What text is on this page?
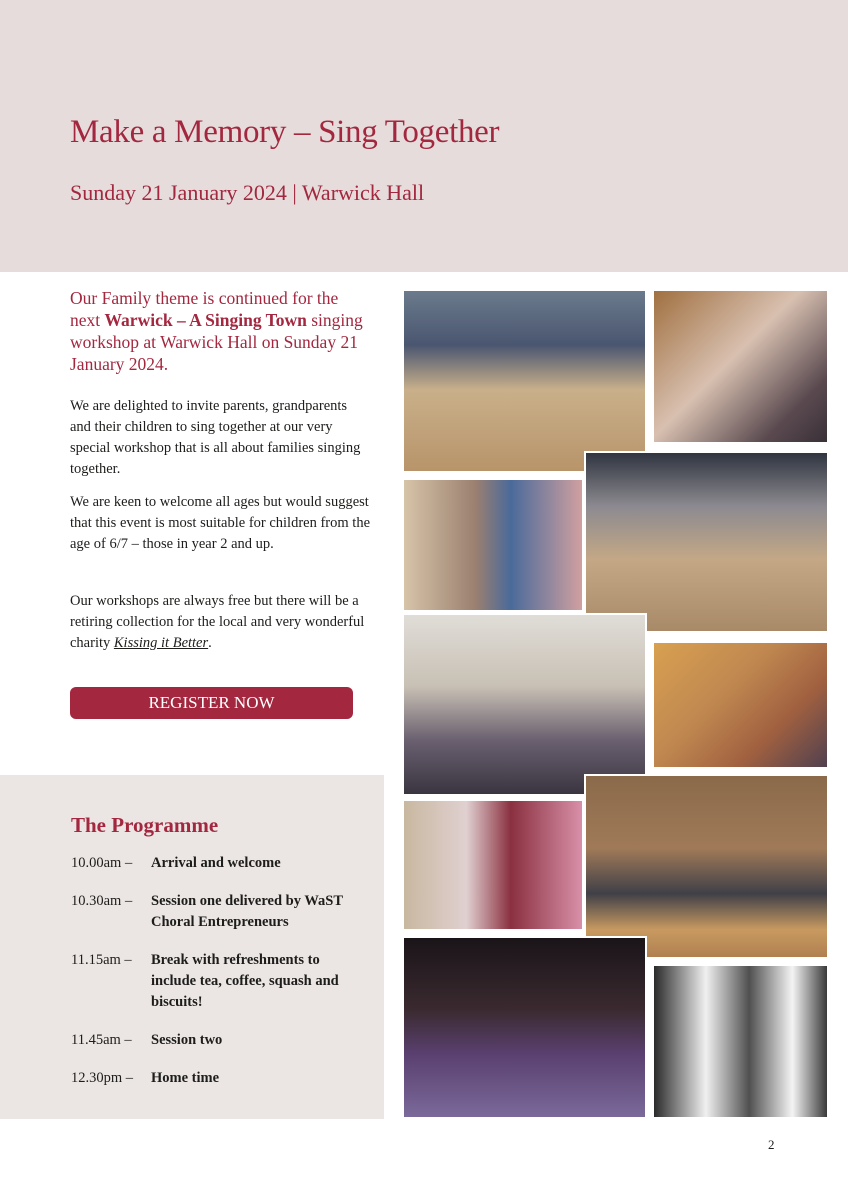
Make a Memory – Sing Together
Sunday 21 January 2024 | Warwick Hall
Our Family theme is continued for the next Warwick – A Singing Town singing workshop at Warwick Hall on Sunday 21 January 2024.
We are delighted to invite parents, grandparents and their children to sing together at our very special workshop that is all about families singing together.
We are keen to welcome all ages but would suggest that this event is most suitable for children from the age of 6/7 – those in year 2 and up.
Our workshops are always free but there will be a retiring collection for the local and very wonderful charity Kissing it Better.
REGISTER NOW
The Programme
10.00am –	Arrival and welcome
10.30am –	Session one delivered by WaST Choral Entrepreneurs
11.15am –	Break with refreshments to include tea, coffee, squash and biscuits!
11.45am –	Session two
12.30pm –	Home time
2
